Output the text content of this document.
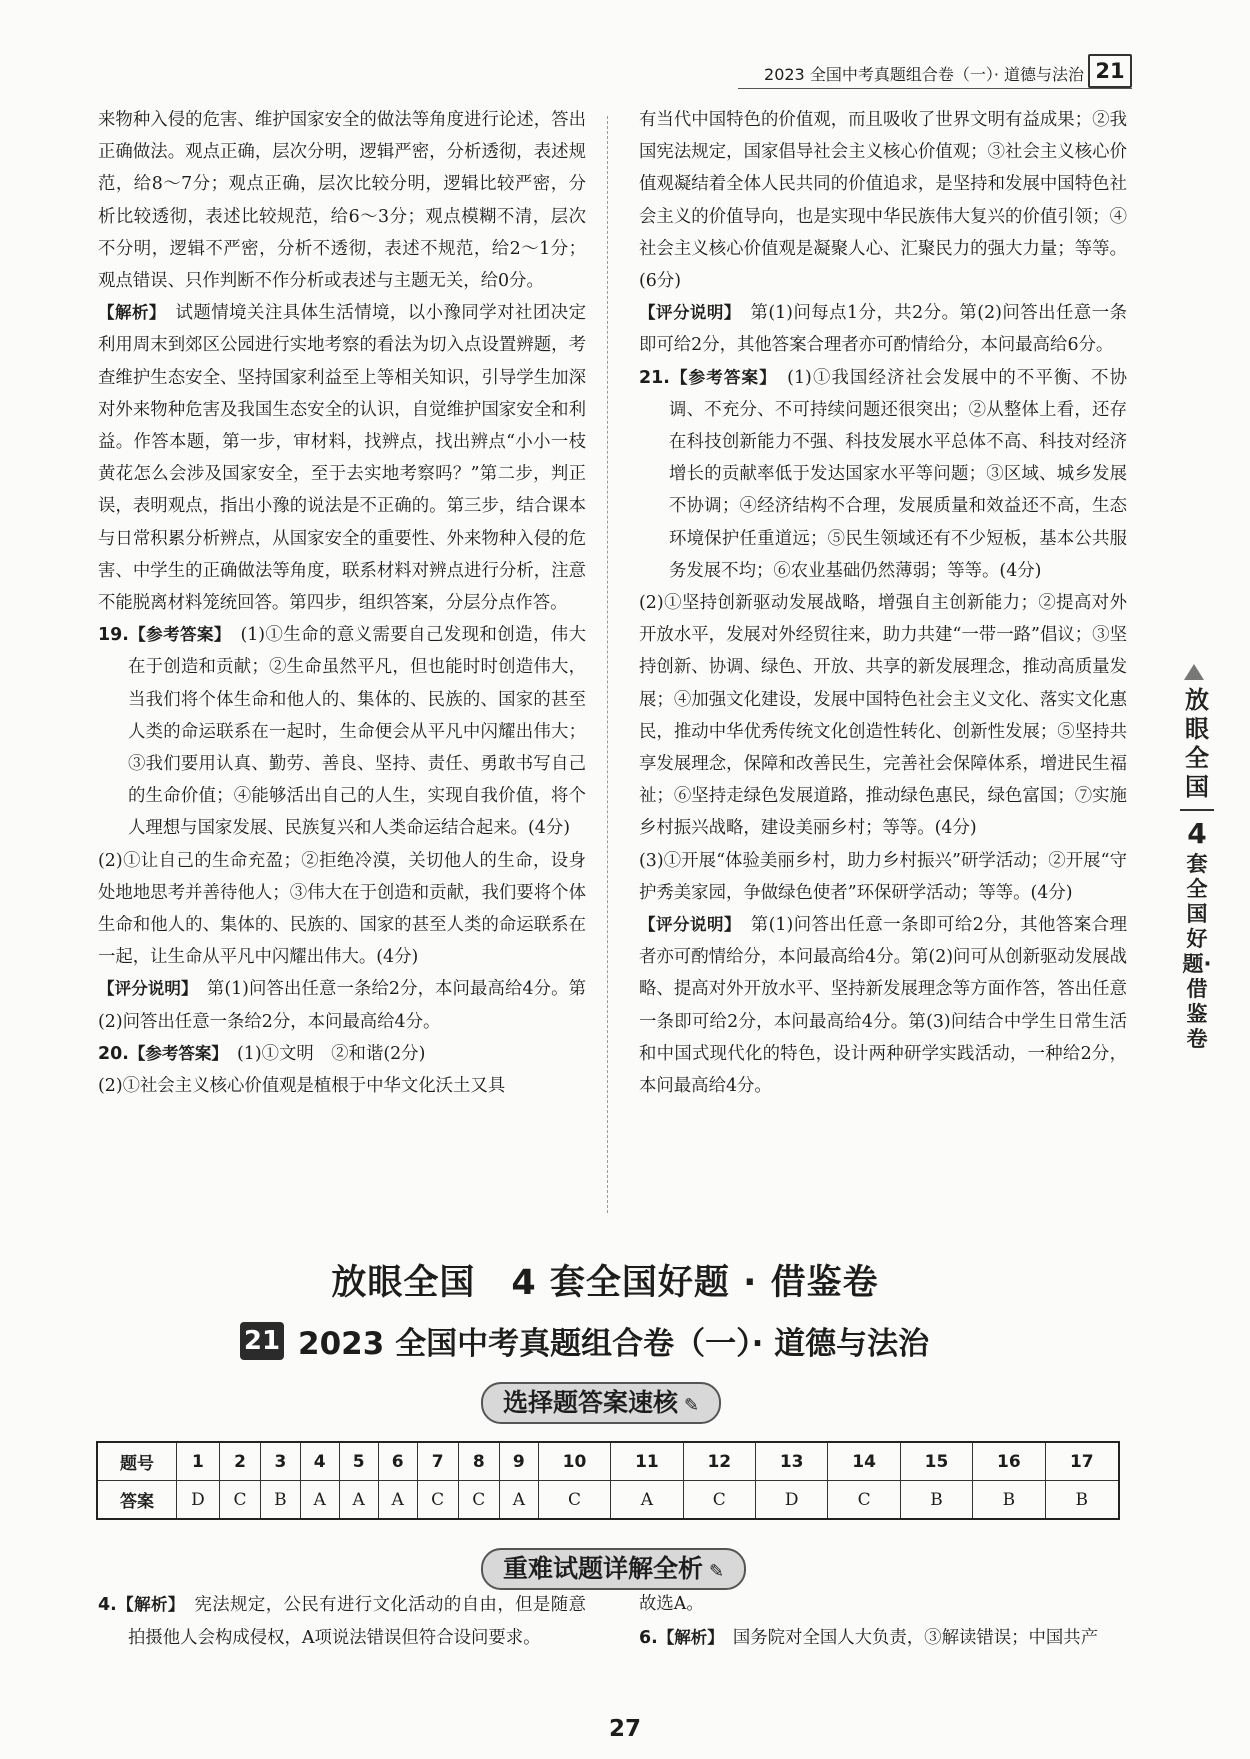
2023 全国中考真题组合卷（一）· 道德与法治 21

来物种入侵的危害、维护国家安全的做法等角度进行论述，答出正确做法。观点正确，层次分明，逻辑严密，分析透彻，表述规范，给8～7分；观点正确，层次比较分明，逻辑比较严密，分析比较透彻，表述比较规范，给6～3分；观点模糊不清，层次不分明，逻辑不严密，分析不透彻，表述不规范，给2～1分；观点错误、只作判断不作分析或表述与主题无关，给0分。

【解析】　 试题情境关注具体生活情境，以小豫同学对社团决定利用周末到郊区公园进行实地考察的看法为切入点设置辨题，考查维护生态安全、坚持国家利益至上等相关知识，引导学生加深对外来物种危害及我国生态安全的认识，自觉维护国家安全和利益。作答本题，第一步，审材料，找辨点，找出辨点“小小一枝黄花怎么会涉及国家安全，至于去实地考察吗？”第二步，判正误，表明观点，指出小豫的说法是不正确的。第三步，结合课本与日常积累分析辨点，从国家安全的重要性、外来物种入侵的危害、中学生的正确做法等角度，联系材料对辨点进行分析，注意不能脱离材料笼统回答。第四步，组织答案，分层分点作答。

19.【参考答案】　 (1)①生命的意义需要自己发现和创造，伟大在于创造和贡献；②生命虽然平凡，但也能时时创造伟大，当我们将个体生命和他人的、集体的、民族的、国家的甚至人类的命运联系在一起时，生命便会从平凡中闪耀出伟大；③我们要用认真、勤劳、善良、坚持、责任、勇敢书写自己的生命价值；④能够活出自己的人生，实现自我价值，将个人理想与国家发展、民族复兴和人类命运结合起来。(4分)

(2)①让自己的生命充盈；②拒绝冷漠，关切他人的生命，设身处地地思考并善待他人；③伟大在于创造和贡献，我们要将个体生命和他人的、集体的、民族的、国家的甚至人类的命运联系在一起，让生命从平凡中闪耀出伟大。(4分)

【评分说明】　 第(1)问答出任意一条给2分，本问最高给4分。第(2)问答出任意一条给2分，本问最高给4分。

20.【参考答案】　 (1)①文明　②和谐(2分)

(2)①社会主义核心价值观是植根于中华文化沃土又具

有当代中国特色的价值观，而且吸收了世界文明有益成果；②我国宪法规定，国家倡导社会主义核心价值观；③社会主义核心价值观凝结着全体人民共同的价值追求，是坚持和发展中国特色社会主义的价值导向，也是实现中华民族伟大复兴的价值引领；④社会主义核心价值观是凝聚人心、汇聚民力的强大力量；等等。(6分)

【评分说明】　 第(1)问每点1分，共2分。第(2)问答出任意一条即可给2分，其他答案合理者亦可酌情给分，本问最高给6分。

21.【参考答案】　 (1)①我国经济社会发展中的不平衡、不协调、不充分、不可持续问题还很突出；②从整体上看，还存在科技创新能力不强、科技发展水平总体不高、科技对经济增长的贡献率低于发达国家水平等问题；③区域、城乡发展不协调；④经济结构不合理，发展质量和效益还不高，生态环境保护任重道远；⑤民生领域还有不少短板，基本公共服务发展不均；⑥农业基础仍然薄弱；等等。(4分)

(2)①坚持创新驱动发展战略，增强自主创新能力；②提高对外开放水平，发展对外经贸往来，助力共建“一带一路”倡议；③坚持创新、协调、绿色、开放、共享的新发展理念，推动高质量发展；④加强文化建设，发展中国特色社会主义文化、落实文化惠民，推动中华优秀传统文化创造性转化、创新性发展；⑤坚持共享发展理念，保障和改善民生，完善社会保障体系，增进民生福祉；⑥坚持走绿色发展道路，推动绿色惠民，绿色富国；⑦实施乡村振兴战略，建设美丽乡村；等等。(4分)

(3)①开展“体验美丽乡村，助力乡村振兴”研学活动；②开展“守护秀美家园，争做绿色使者”环保研学活动；等等。(4分)

【评分说明】　 第(1)问答出任意一条即可给2分，其他答案合理者亦可酌情给分，本问最高给4分。第(2)问可从创新驱动发展战略、提高对外开放水平、坚持新发展理念等方面作答，答出任意一条即可给2分，本问最高给4分。第(3)问结合中学生日常生活和中国式现代化的特色，设计两种研学实践活动，一种给2分，本问最高给4分。

放眼全国
4
套全国好题·借鉴卷
放眼全国　4 套全国好题 · 借鉴卷
21 2023 全国中考真题组合卷（一）· 道德与法治
选择题答案速核 ✎
题号	1	2	3	4	5	6	7	8	9	10	11	12	13	14	15	16	17
答案	D	C	B	A	A	A	C	C	A	C	A	C	D	C	B	B	B
重难试题详解全析 ✎

4.【解析】　 宪法规定，公民有进行文化活动的自由，但是随意拍摄他人会构成侵权，A项说法错误但符合设问要求。

故选A。

6.【解析】　 国务院对全国人大负责，③解读错误；中国共产

27
